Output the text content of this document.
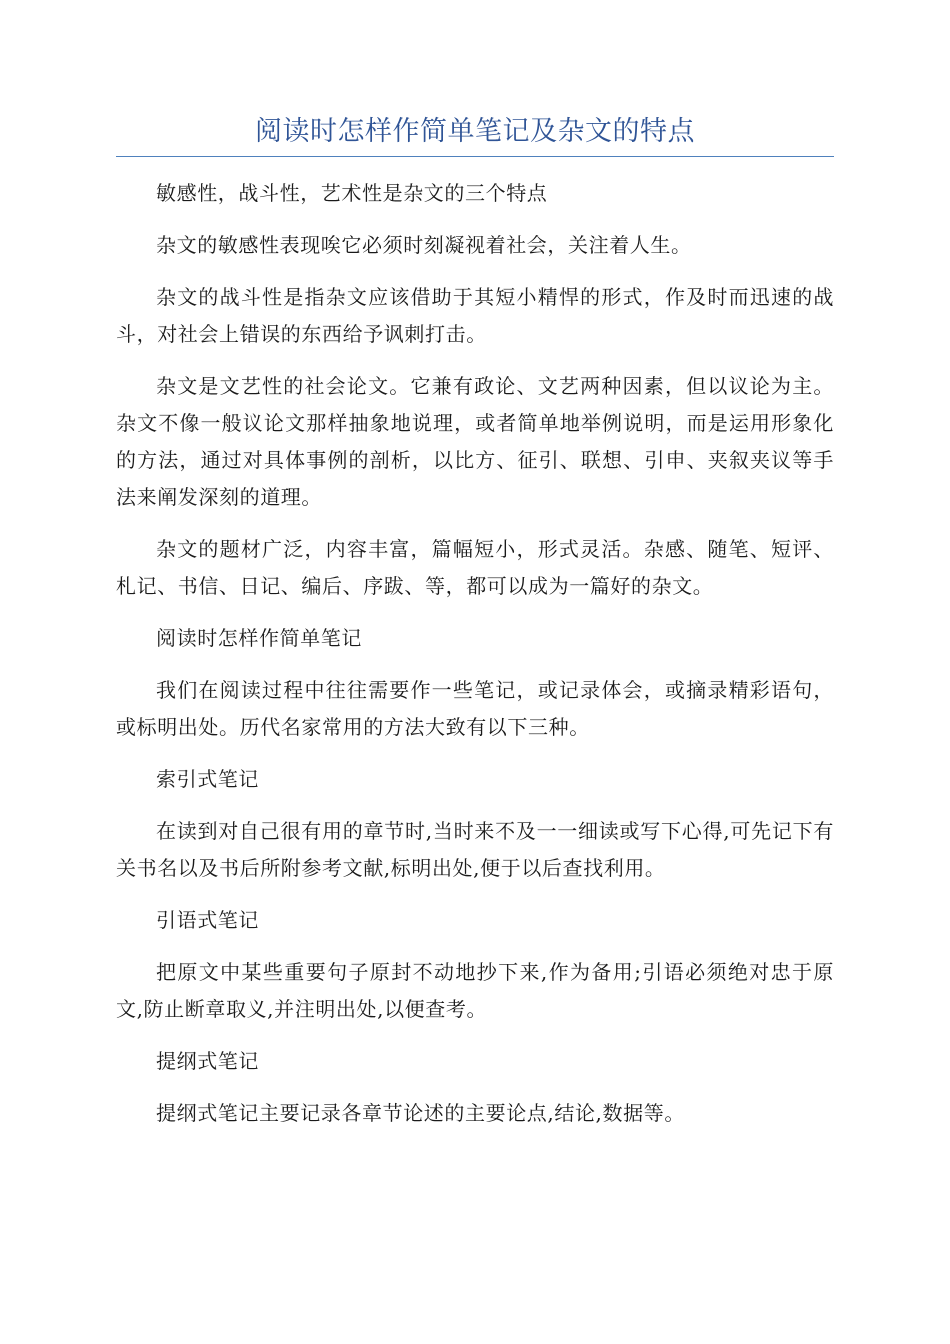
阅读时怎样作简单笔记及杂文的特点

敏感性，战斗性，艺术性是杂文的三个特点

杂文的敏感性表现唉它必须时刻凝视着社会，关注着人生。

杂文的战斗性是指杂文应该借助于其短小精悍的形式，作及时而迅速的战斗，对社会上错误的东西给予讽刺打击。

杂文是文艺性的社会论文。它兼有政论、文艺两种因素，但以议论为主。杂文不像一般议论文那样抽象地说理，或者简单地举例说明，而是运用形象化的方法，通过对具体事例的剖析，以比方、征引、联想、引申、夹叙夹议等手法来阐发深刻的道理。

杂文的题材广泛，内容丰富，篇幅短小，形式灵活。杂感、随笔、短评、札记、书信、日记、编后、序跋、等，都可以成为一篇好的杂文。

阅读时怎样作简单笔记

我们在阅读过程中往往需要作一些笔记，或记录体会，或摘录精彩语句，或标明出处。历代名家常用的方法大致有以下三种。

索引式笔记

在读到对自己很有用的章节时,当时来不及一一细读或写下心得,可先记下有关书名以及书后所附参考文献,标明出处,便于以后查找利用。

引语式笔记

把原文中某些重要句子原封不动地抄下来,作为备用;引语必须绝对忠于原文,防止断章取义,并注明出处,以便查考。

提纲式笔记

提纲式笔记主要记录各章节论述的主要论点,结论,数据等。
